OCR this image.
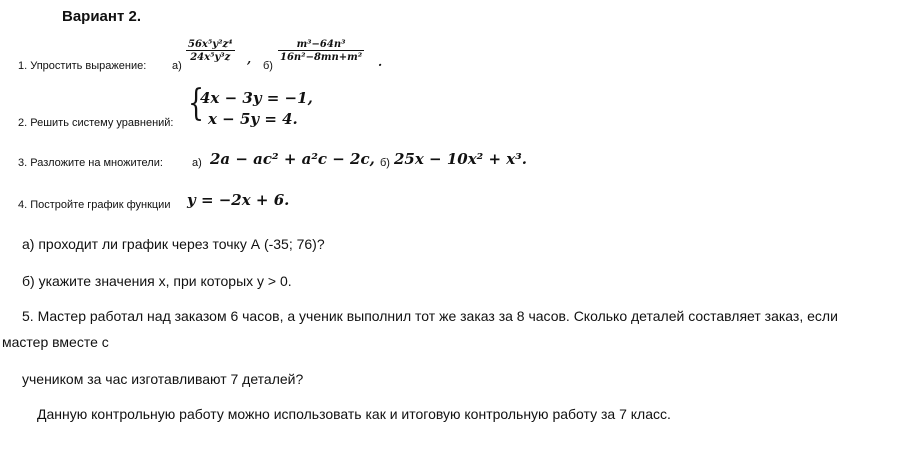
Вариант 2.
1. Упростить выражение: а)
$\frac{\text{56x⁵y²z⁴}}{\text{24x⁵y³z}}$ , б)
$\frac{\text{m³−64n³}}{\text{16n²−8mn+m²}}$ .
2. Решить систему уравнений: {
4x − 3y = −1,
x − 5y = 4.
3. Разложите на множители:	а) 2a − ac² + a²c − 2c, б) 25x − 10x² + x³.
4. Постройте график функции y = −2x + 6.
а) проходит ли график через точку А (-35; 76)?
б) укажите значения х, при которых у > 0.
5. Мастер работал над заказом 6 часов, а ученик выполнил тот же заказ за 8 часов. Сколько деталей составляет заказ, если
мастер вместе с
учеником за час изготавливают 7 деталей?
Данную контрольную работу можно использовать как и итоговую контрольную работу за 7 класс.
